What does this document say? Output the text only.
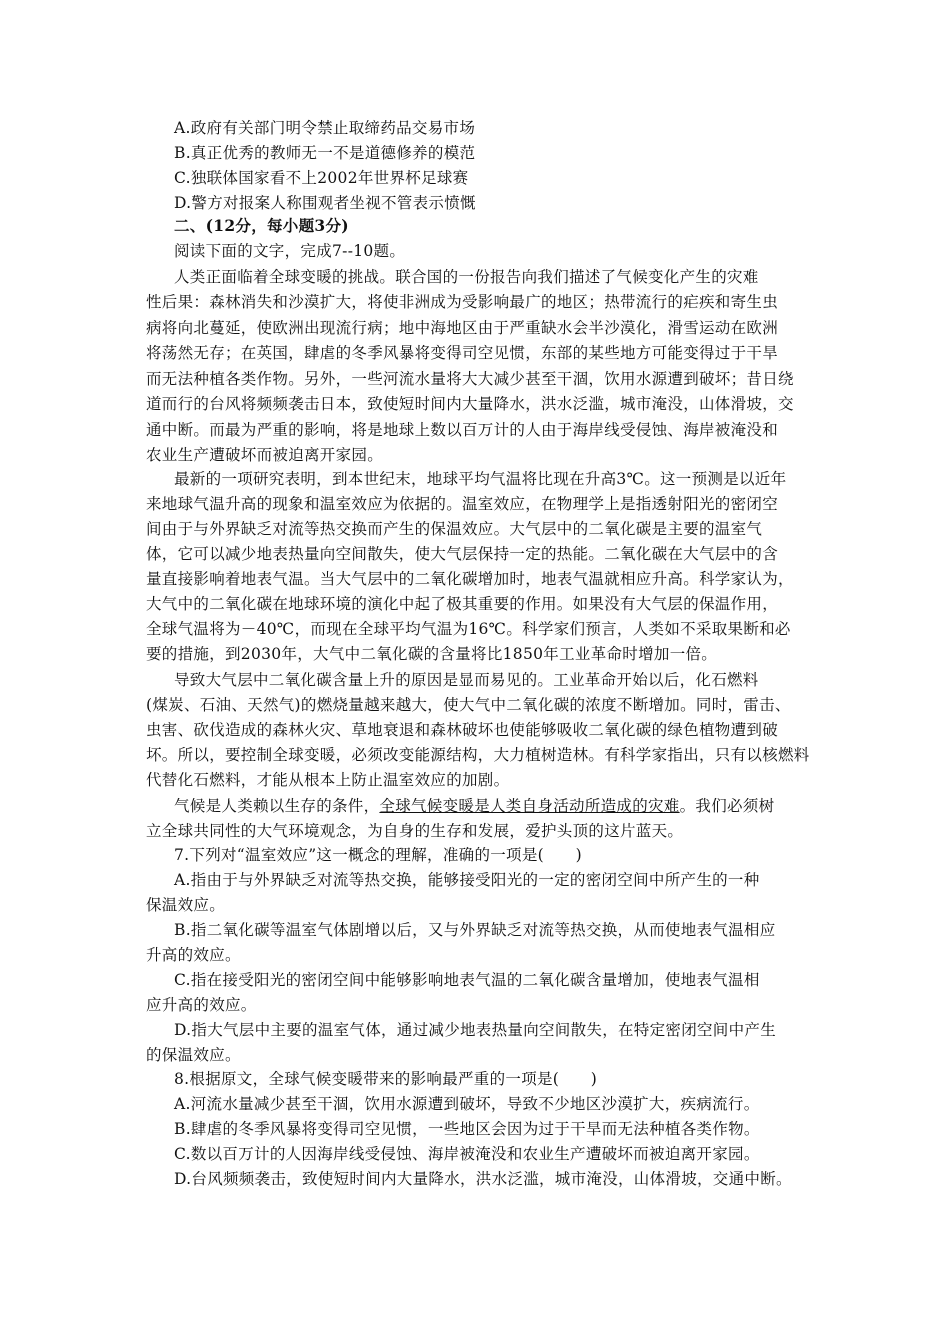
A.政府有关部门明令禁止取缔药品交易市场
B.真正优秀的教师无一不是道德修养的模范
C.独联体国家看不上2002年世界杯足球赛
D.警方对报案人称围观者坐视不管表示愤慨
二、(12分，每小题3分)
阅读下面的文字，完成7--10题。
人类正面临着全球变暖的挑战。联合国的一份报告向我们描述了气候变化产生的灾难
性后果：森林消失和沙漠扩大，将使非洲成为受影响最广的地区；热带流行的疟疾和寄生虫
病将向北蔓延，使欧洲出现流行病；地中海地区由于严重缺水会半沙漠化，滑雪运动在欧洲
将荡然无存；在英国，肆虐的冬季风暴将变得司空见惯，东部的某些地方可能变得过于干旱
而无法种植各类作物。另外，一些河流水量将大大减少甚至干涸，饮用水源遭到破坏；昔日绕
道而行的台风将频频袭击日本，致使短时间内大量降水，洪水泛滥，城市淹没，山体滑坡，交
通中断。而最为严重的影响，将是地球上数以百万计的人由于海岸线受侵蚀、海岸被淹没和
农业生产遭破坏而被迫离开家园。
最新的一项研究表明，到本世纪末，地球平均气温将比现在升高3℃。这一预测是以近年
来地球气温升高的现象和温室效应为依据的。温室效应，在物理学上是指透射阳光的密闭空
间由于与外界缺乏对流等热交换而产生的保温效应。大气层中的二氧化碳是主要的温室气
体，它可以减少地表热量向空间散失，使大气层保持一定的热能。二氧化碳在大气层中的含
量直接影响着地表气温。当大气层中的二氧化碳增加时，地表气温就相应升高。科学家认为，
大气中的二氧化碳在地球环境的演化中起了极其重要的作用。如果没有大气层的保温作用，
全球气温将为－40℃，而现在全球平均气温为16℃。科学家们预言，人类如不采取果断和必
要的措施，到2030年，大气中二氧化碳的含量将比1850年工业革命时增加一倍。
导致大气层中二氧化碳含量上升的原因是显而易见的。工业革命开始以后，化石燃料
(煤炭、石油、天然气)的燃烧量越来越大，使大气中二氧化碳的浓度不断增加。同时，雷击、
虫害、砍伐造成的森林火灾、草地衰退和森林破坏也使能够吸收二氧化碳的绿色植物遭到破
坏。所以，要控制全球变暖，必须改变能源结构，大力植树造林。有科学家指出，只有以核燃料
代替化石燃料，才能从根本上防止温室效应的加剧。
气候是人类赖以生存的条件，全球气候变暖是人类自身活动所造成的灾难。我们必须树
立全球共同性的大气环境观念，为自身的生存和发展，爱护头顶的这片蓝天。
7.下列对“温室效应”这一概念的理解，准确的一项是(　　)
A.指由于与外界缺乏对流等热交换，能够接受阳光的一定的密闭空间中所产生的一种
保温效应。
B.指二氧化碳等温室气体剧增以后，又与外界缺乏对流等热交换，从而使地表气温相应
升高的效应。
C.指在接受阳光的密闭空间中能够影响地表气温的二氧化碳含量增加，使地表气温相
应升高的效应。
D.指大气层中主要的温室气体，通过减少地表热量向空间散失，在特定密闭空间中产生
的保温效应。
8.根据原文，全球气候变暖带来的影响最严重的一项是(　　)
A.河流水量减少甚至干涸，饮用水源遭到破坏，导致不少地区沙漠扩大，疾病流行。
B.肆虐的冬季风暴将变得司空见惯，一些地区会因为过于干旱而无法种植各类作物。
C.数以百万计的人因海岸线受侵蚀、海岸被淹没和农业生产遭破坏而被迫离开家园。
D.台风频频袭击，致使短时间内大量降水，洪水泛滥，城市淹没，山体滑坡，交通中断。
